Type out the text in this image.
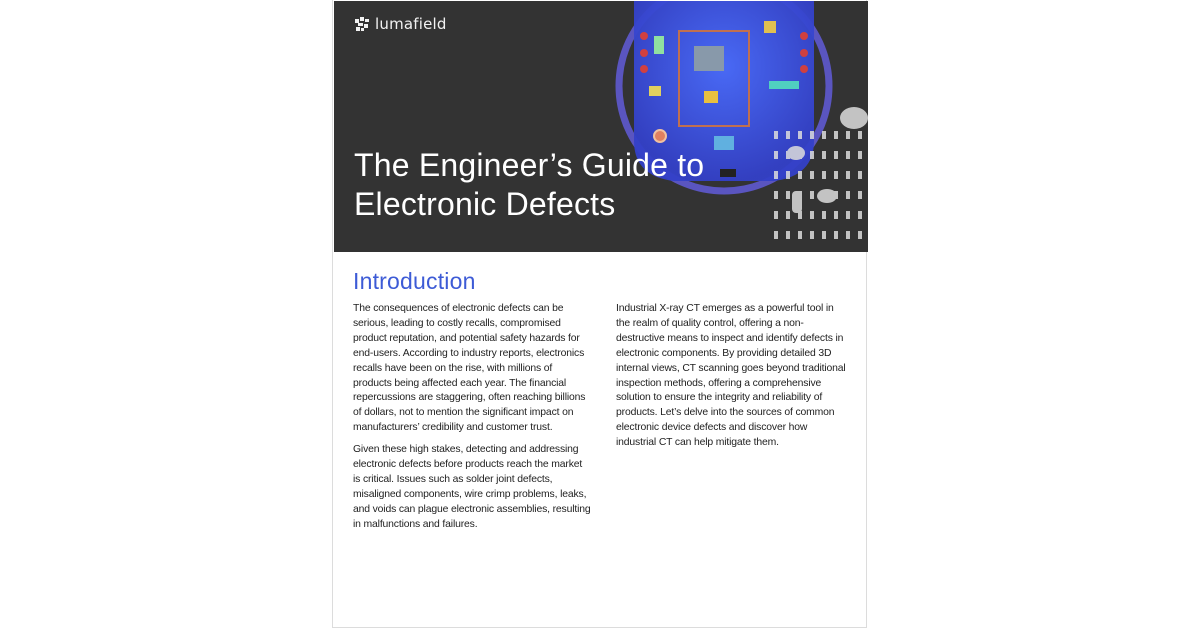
lumafield
The Engineer’s Guide to
Electronic Defects
Introduction

The consequences of electronic defects can be serious, leading to costly recalls, compromised product reputation, and potential safety hazards for end-users. According to industry reports, electronics recalls have been on the rise, with millions of products being affected each year. The financial repercussions are staggering, often reaching billions of dollars, not to mention the significant impact on manufacturers’ credibility and customer trust.

Given these high stakes, detecting and addressing electronic defects before products reach the market is critical. Issues such as solder joint defects, misaligned components, wire crimp problems, leaks, and voids can plague electronic assemblies, resulting in malfunctions and failures.

Industrial X-ray CT emerges as a powerful tool in the realm of quality control, offering a non-destructive means to inspect and identify defects in electronic components. By providing detailed 3D internal views, CT scanning goes beyond traditional inspection methods, offering a comprehensive solution to ensure the integrity and reliability of products. Let’s delve into the sources of common electronic device defects and discover how industrial CT can help mitigate them.
